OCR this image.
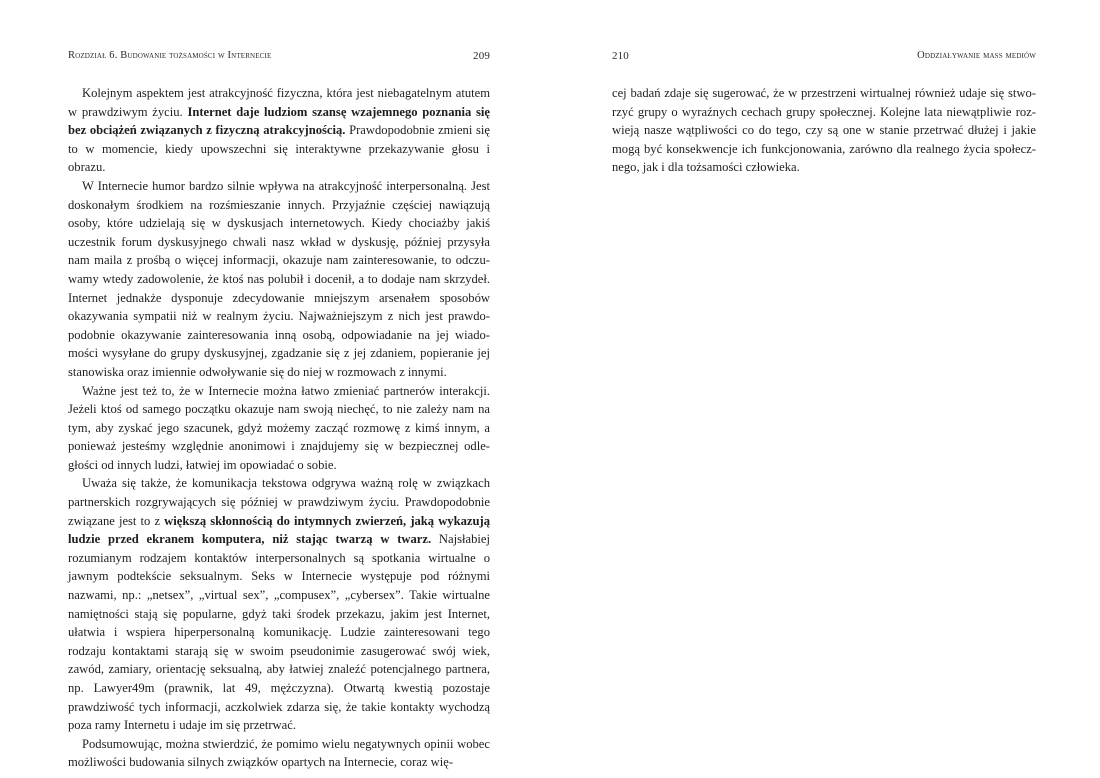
Rozdział 6. Budowanie tożsamości w Internecie	209

Kolejnym aspektem jest atrakcyjność fizyczna, która jest niebagatelnym atutem w prawdziwym życiu. Internet daje ludziom szansę wzajemnego poznania się bez obciążeń związanych z fizyczną atrakcyjnością. Prawdopodobnie zmieni się to w momencie, kiedy upowszechni się interaktywne przekazywanie głosu i obrazu.

W Internecie humor bardzo silnie wpływa na atrakcyjność interpersonalną. Jest doskonałym środkiem na rozśmieszanie innych. Przyjaźnie częściej nawiązują osoby, które udzielają się w dyskusjach internetowych. Kiedy chociażby jakiś uczestnik forum dyskusyjnego chwali nasz wkład w dyskusję, później przysyła nam maila z prośbą o więcej informacji, okazuje nam zainteresowanie, to odczuwamy wtedy zadowolenie, że ktoś nas polubił i docenił, a to dodaje nam skrzydeł. Internet jednakże dysponuje zdecydowanie mniejszym arsenałem sposobów okazywania sympatii niż w realnym życiu. Najważniejszym z nich jest prawdopodobnie okazywanie zainteresowania inną osobą, odpowiadanie na jej wiadomości wysyłane do grupy dyskusyjnej, zgadzanie się z jej zdaniem, popieranie jej stanowiska oraz imiennie odwoływanie się do niej w rozmowach z innymi.

Ważne jest też to, że w Internecie można łatwo zmieniać partnerów interakcji. Jeżeli ktoś od samego początku okazuje nam swoją niechęć, to nie zależy nam na tym, aby zyskać jego szacunek, gdyż możemy zacząć rozmowę z kimś innym, a ponieważ jesteśmy względnie anonimowi i znajdujemy się w bezpiecznej odległości od innych ludzi, łatwiej im opowiadać o sobie.

Uważa się także, że komunikacja tekstowa odgrywa ważną rolę w związkach partnerskich rozgrywających się później w prawdziwym życiu. Prawdopodobnie związane jest to z większą skłonnością do intymnych zwierzeń, jaką wykazują ludzie przed ekranem komputera, niż stając twarzą w twarz. Najsłabiej rozumianym rodzajem kontaktów interpersonalnych są spotkania wirtualne o jawnym podtekście seksualnym. Seks w Internecie występuje pod różnymi nazwami, np.: „netsex”, „virtual sex”, „compusex”, „cybersex”. Takie wirtualne namiętności stają się popularne, gdyż taki środek przekazu, jakim jest Internet, ułatwia i wspiera hiperpersonalną komunikację. Ludzie zainteresowani tego rodzaju kontaktami starają się w swoim pseudonimie zasugerować swój wiek, zawód, zamiary, orientację seksualną, aby łatwiej znaleźć potencjalnego partnera, np. Lawyer49m (prawnik, lat 49, mężczyzna). Otwartą kwestią pozostaje prawdziwość tych informacji, aczkolwiek zdarza się, że takie kontakty wychodzą poza ramy Internetu i udaje im się przetrwać.

Podsumowując, można stwierdzić, że pomimo wielu negatywnych opinii wobec możliwości budowania silnych związków opartych na Internecie, coraz wię-

210	Oddziaływanie mass mediów

cej badań zdaje się sugerować, że w przestrzeni wirtualnej również udaje się stworzyć grupy o wyraźnych cechach grupy społecznej. Kolejne lata niewątpliwie rozwieją nasze wątpliwości co do tego, czy są one w stanie przetrwać dłużej i jakie mogą być konsekwencje ich funkcjonowania, zarówno dla realnego życia społecznego, jak i dla tożsamości człowieka.
